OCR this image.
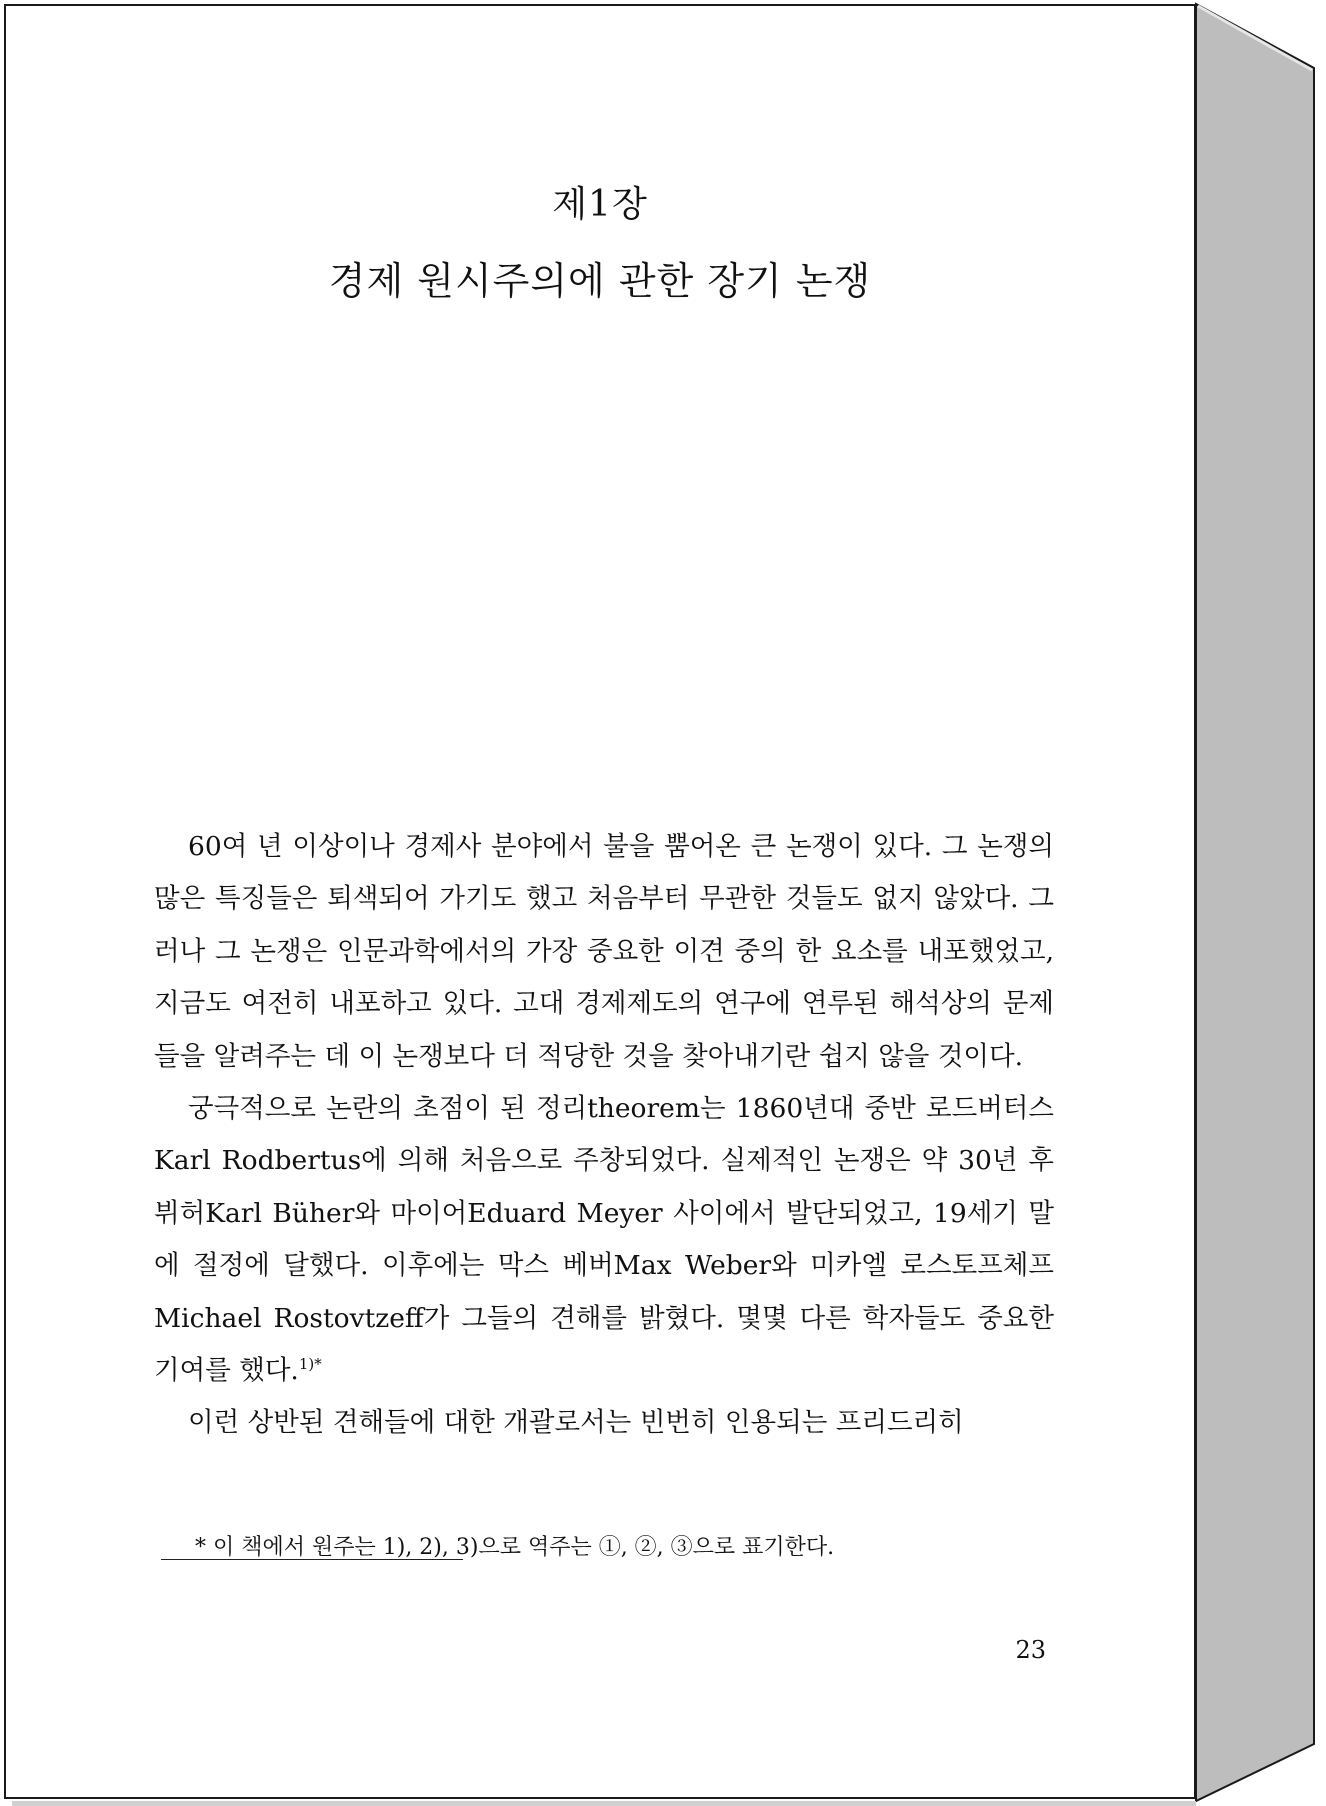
제1장
경제 원시주의에 관한 장기 논쟁

60여 년 이상이나 경제사 분야에서 불을 뿜어온 큰 논쟁이 있다. 그 논쟁의 많은 특징들은 퇴색되어 가기도 했고 처음부터 무관한 것들도 없지 않았다. 그러나 그 논쟁은 인문과학에서의 가장 중요한 이견 중의 한 요소를 내포했었고, 지금도 여전히 내포하고 있다. 고대 경제제도의 연구에 연루된 해석상의 문제들을 알려주는 데 이 논쟁보다 더 적당한 것을 찾아내기란 쉽지 않을 것이다.

궁극적으로 논란의 초점이 된 정리theorem는 1860년대 중반 로드버터스Karl Rodbertus에 의해 처음으로 주창되었다. 실제적인 논쟁은 약 30년 후 뷔허Karl Büher와 마이어Eduard Meyer 사이에서 발단되었고, 19세기 말에 절정에 달했다. 이후에는 막스 베버Max Weber와 미카엘 로스토프체프Michael Rostovtzeff가 그들의 견해를 밝혔다. 몇몇 다른 학자들도 중요한 기여를 했다.$^{1)*}$

이런 상반된 견해들에 대한 개괄로서는 빈번히 인용되는 프리드리히

* 이 책에서 원주는 1), 2), 3)으로 역주는 ①, ②, ③으로 표기한다.
23
